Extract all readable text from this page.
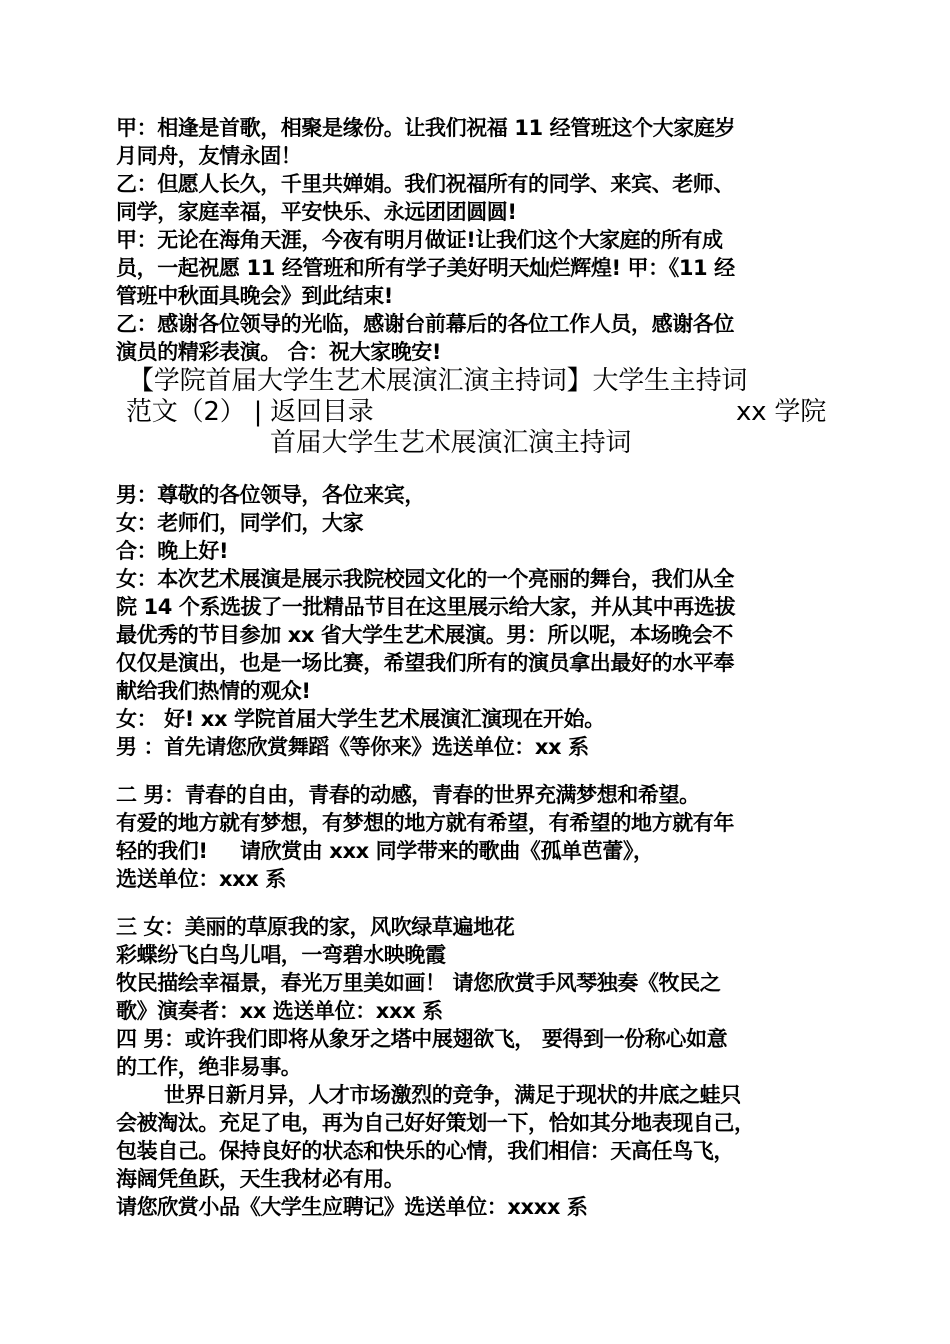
甲：相逢是首歌，相聚是缘份。让我们祝福 11 经管班这个大家庭岁

月同舟，友情永固！

乙：但愿人长久，千里共婵娟。我们祝福所有的同学、来宾、老师、

同学，家庭幸福，平安快乐、永远团团圆圆!

甲：无论在海角天涯，今夜有明月做证!让我们这个大家庭的所有成

员，一起祝愿 11 经管班和所有学子美好明天灿烂辉煌! 甲：《11 经

管班中秋面具晚会》到此结束!

乙：感谢各位领导的光临，感谢台前幕后的各位工作人员，感谢各位

演员的精彩表演。 合：祝大家晚安!

【学院首届大学生艺术展演汇演主持词】大学生主持词

范文（2） | 返回目录	xx 学院

首届大学生艺术展演汇演主持词

男：尊敬的各位领导，各位来宾，

女：老师们，同学们，大家

合：晚上好!

女：本次艺术展演是展示我院校园文化的一个亮丽的舞台，我们从全

院 14 个系选拔了一批精品节目在这里展示给大家，并从其中再选拔

最优秀的节目参加 xx 省大学生艺术展演。男：所以呢，本场晚会不

仅仅是演出，也是一场比赛，希望我们所有的演员拿出最好的水平奉

献给我们热情的观众!

女： 好! xx 学院首届大学生艺术展演汇演现在开始。

男 ：首先请您欣赏舞蹈《等你来》选送单位：xx 系

二 男：青春的自由，青春的动感，青春的世界充满梦想和希望。

有爱的地方就有梦想，有梦想的地方就有希望，有希望的地方就有年

轻的我们! 请欣赏由 xxx 同学带来的歌曲《孤单芭蕾》，

选送单位：xxx 系

三 女：美丽的草原我的家，风吹绿草遍地花

彩蝶纷飞白鸟儿唱，一弯碧水映晚霞

牧民描绘幸福景，春光万里美如画！ 请您欣赏手风琴独奏《牧民之

歌》演奏者：xx 选送单位：xxx 系

四 男：或许我们即将从象牙之塔中展翅欲飞， 要得到一份称心如意

的工作，绝非易事。

世界日新月异，人才市场激烈的竞争，满足于现状的井底之蛙只

会被淘汰。充足了电，再为自己好好策划一下，恰如其分地表现自己，

包装自己。保持良好的状态和快乐的心情，我们相信：天高任鸟飞，

海阔凭鱼跃，天生我材必有用。

请您欣赏小品《大学生应聘记》选送单位：xxxx 系
